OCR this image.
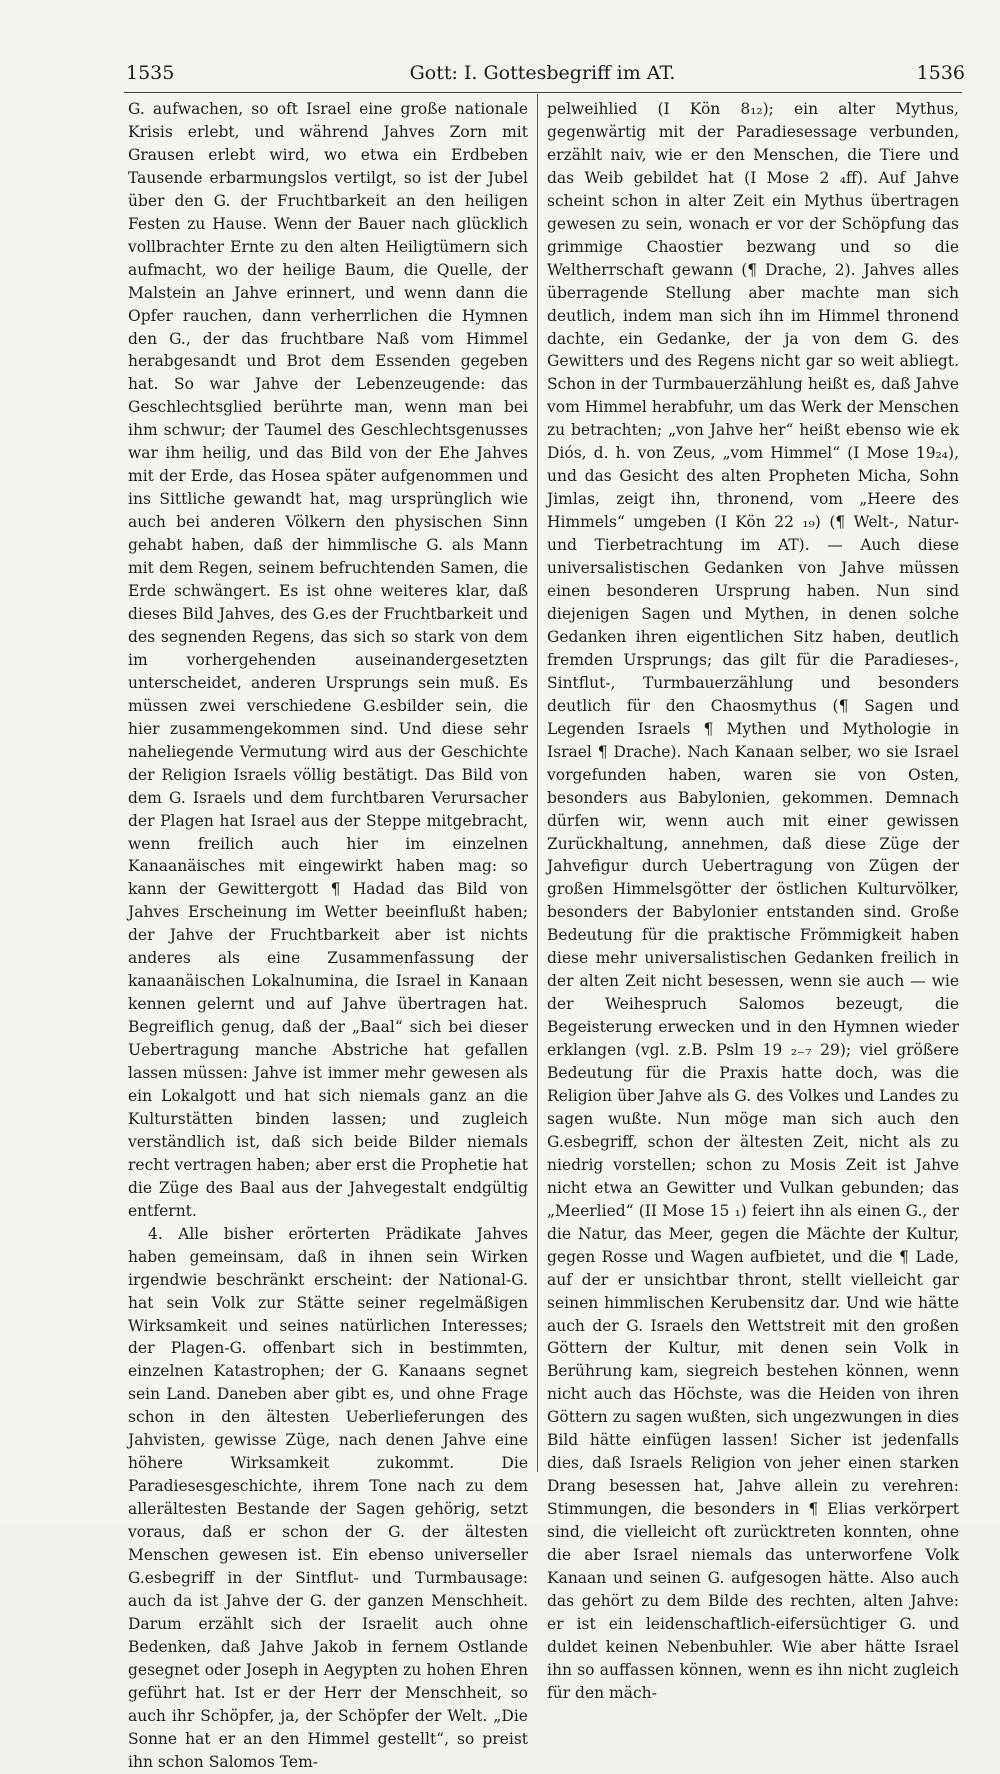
1535	Gott: I. Gottesbegriff im AT.	1536

G. aufwachen, so oft Israel eine große nationale Krisis erlebt, und während Jahves Zorn mit Grausen erlebt wird, wo etwa ein Erdbeben Tausende erbarmungslos vertilgt, so ist der Jubel über den G. der Fruchtbarkeit an den heiligen Festen zu Hause. Wenn der Bauer nach glücklich vollbrachter Ernte zu den alten Heiligtümern sich aufmacht, wo der heilige Baum, die Quelle, der Malstein an Jahve erinnert, und wenn dann die Opfer rauchen, dann verherrlichen die Hymnen den G., der das fruchtbare Naß vom Himmel herabgesandt und Brot dem Essenden gegeben hat. So war Jahve der Lebenzeugende: das Geschlechtsglied berührte man, wenn man bei ihm schwur; der Taumel des Geschlechtsgenusses war ihm heilig, und das Bild von der Ehe Jahves mit der Erde, das Hosea später aufgenommen und ins Sittliche gewandt hat, mag ursprünglich wie auch bei anderen Völkern den physischen Sinn gehabt haben, daß der himmlische G. als Mann mit dem Regen, seinem befruchtenden Samen, die Erde schwängert. Es ist ohne weiteres klar, daß dieses Bild Jahves, des G.es der Fruchtbarkeit und des segnenden Regens, das sich so stark von dem im vorhergehenden auseinandergesetzten unterscheidet, anderen Ursprungs sein muß. Es müssen zwei verschiedene G.esbilder sein, die hier zusammengekommen sind. Und diese sehr naheliegende Vermutung wird aus der Geschichte der Religion Israels völlig bestätigt. Das Bild von dem G. Israels und dem furchtbaren Verursacher der Plagen hat Israel aus der Steppe mitgebracht, wenn freilich auch hier im einzelnen Kanaanäisches mit eingewirkt haben mag: so kann der Gewittergott ¶ Hadad das Bild von Jahves Erscheinung im Wetter beeinflußt haben; der Jahve der Fruchtbarkeit aber ist nichts anderes als eine Zusammenfassung der kanaanäischen Lokalnumina, die Israel in Kanaan kennen gelernt und auf Jahve übertragen hat. Begreiflich genug, daß der „Baal“ sich bei dieser Uebertragung manche Abstriche hat gefallen lassen müssen: Jahve ist immer mehr gewesen als ein Lokalgott und hat sich niemals ganz an die Kulturstätten binden lassen; und zugleich verständlich ist, daß sich beide Bilder niemals recht vertragen haben; aber erst die Prophetie hat die Züge des Baal aus der Jahvegestalt endgültig entfernt.

4. Alle bisher erörterten Prädikate Jahves haben gemeinsam, daß in ihnen sein Wirken irgendwie beschränkt erscheint: der National-G. hat sein Volk zur Stätte seiner regelmäßigen Wirksamkeit und seines natürlichen Interesses; der Plagen-G. offenbart sich in bestimmten, einzelnen Katastrophen; der G. Kanaans segnet sein Land. Daneben aber gibt es, und ohne Frage schon in den ältesten Ueberlieferungen des Jahvisten, gewisse Züge, nach denen Jahve eine höhere Wirksamkeit zukommt. Die Paradiesesgeschichte, ihrem Tone nach zu dem allerältesten Bestande der Sagen gehörig, setzt voraus, daß er schon der G. der ältesten Menschen gewesen ist. Ein ebenso universeller G.esbegriff in der Sintflut- und Turmbausage: auch da ist Jahve der G. der ganzen Menschheit. Darum erzählt sich der Israelit auch ohne Bedenken, daß Jahve Jakob in fernem Ostlande gesegnet oder Joseph in Aegypten zu hohen Ehren geführt hat. Ist er der Herr der Menschheit, so auch ihr Schöpfer, ja, der Schöpfer der Welt. „Die Sonne hat er an den Himmel gestellt“, so preist ihn schon Salomos Tem-

pelweihlied (I Kön 8₁₂); ein alter Mythus, gegenwärtig mit der Paradiesessage verbunden, erzählt naiv, wie er den Menschen, die Tiere und das Weib gebildet hat (I Mose 2 ₄ff). Auf Jahve scheint schon in alter Zeit ein Mythus übertragen gewesen zu sein, wonach er vor der Schöpfung das grimmige Chaostier bezwang und so die Weltherrschaft gewann (¶ Drache, 2). Jahves alles überragende Stellung aber machte man sich deutlich, indem man sich ihn im Himmel thronend dachte, ein Gedanke, der ja von dem G. des Gewitters und des Regens nicht gar so weit abliegt. Schon in der Turmbauerzählung heißt es, daß Jahve vom Himmel herabfuhr, um das Werk der Menschen zu betrachten; „von Jahve her“ heißt ebenso wie ek Diós, d. h. von Zeus, „vom Himmel“ (I Mose 19₂₄), und das Gesicht des alten Propheten Micha, Sohn Jimlas, zeigt ihn, thronend, vom „Heere des Himmels“ umgeben (I Kön 22 ₁₉) (¶ Welt-, Natur- und Tierbetrachtung im AT). — Auch diese universalistischen Gedanken von Jahve müssen einen besonderen Ursprung haben. Nun sind diejenigen Sagen und Mythen, in denen solche Gedanken ihren eigentlichen Sitz haben, deutlich fremden Ursprungs; das gilt für die Paradieses-, Sintflut-, Turmbauerzählung und besonders deutlich für den Chaosmythus (¶ Sagen und Legenden Israels ¶ Mythen und Mythologie in Israel ¶ Drache). Nach Kanaan selber, wo sie Israel vorgefunden haben, waren sie von Osten, besonders aus Babylonien, gekommen. Demnach dürfen wir, wenn auch mit einer gewissen Zurückhaltung, annehmen, daß diese Züge der Jahvefigur durch Uebertragung von Zügen der großen Himmelsgötter der östlichen Kulturvölker, besonders der Babylonier entstanden sind. Große Bedeutung für die praktische Frömmigkeit haben diese mehr universalistischen Gedanken freilich in der alten Zeit nicht besessen, wenn sie auch — wie der Weihespruch Salomos bezeugt, die Begeisterung erwecken und in den Hymnen wieder erklangen (vgl. z.B. Pslm 19 ₂₋₇ 29); viel größere Bedeutung für die Praxis hatte doch, was die Religion über Jahve als G. des Volkes und Landes zu sagen wußte. Nun möge man sich auch den G.esbegriff, schon der ältesten Zeit, nicht als zu niedrig vorstellen; schon zu Mosis Zeit ist Jahve nicht etwa an Gewitter und Vulkan gebunden; das „Meerlied“ (II Mose 15 ₁) feiert ihn als einen G., der die Natur, das Meer, gegen die Mächte der Kultur, gegen Rosse und Wagen aufbietet, und die ¶ Lade, auf der er unsichtbar thront, stellt vielleicht gar seinen himmlischen Kerubensitz dar. Und wie hätte auch der G. Israels den Wettstreit mit den großen Göttern der Kultur, mit denen sein Volk in Berührung kam, siegreich bestehen können, wenn nicht auch das Höchste, was die Heiden von ihren Göttern zu sagen wußten, sich ungezwungen in dies Bild hätte einfügen lassen! Sicher ist jedenfalls dies, daß Israels Religion von jeher einen starken Drang besessen hat, Jahve allein zu verehren: Stimmungen, die besonders in ¶ Elias verkörpert sind, die vielleicht oft zurücktreten konnten, ohne die aber Israel niemals das unterworfene Volk Kanaan und seinen G. aufgesogen hätte. Also auch das gehört zu dem Bilde des rechten, alten Jahve: er ist ein leidenschaftlich-eifersüchtiger G. und duldet keinen Nebenbuhler. Wie aber hätte Israel ihn so auffassen können, wenn es ihn nicht zugleich für den mäch-
